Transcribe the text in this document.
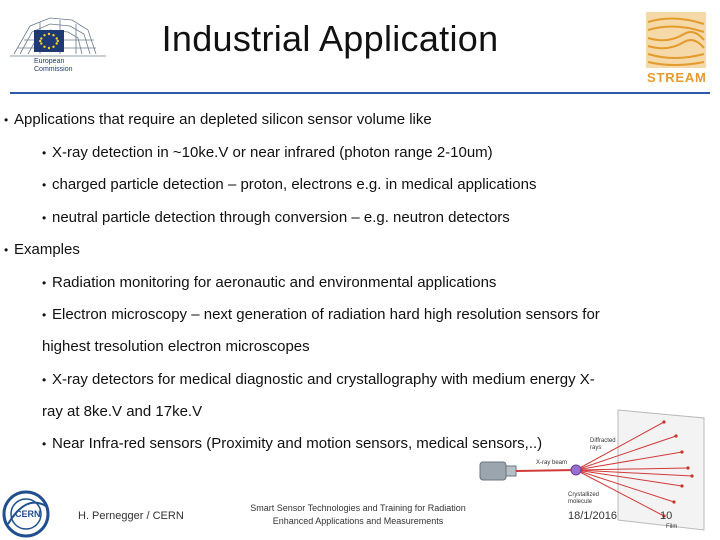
European
Commission
Industrial Application
STREAM
• Applications that require an depleted silicon sensor volume like
• X-ray detection in ~10ke.V or near infrared (photon range 2-10um)
• charged particle detection – proton, electrons e.g. in medical applications
• neutral particle detection through conversion – e.g. neutron detectors
• Examples
• Radiation monitoring for aeronautic and environmental applications
• Electron microscopy – next generation of radiation hard high resolution sensors for
highest tresolution electron microscopes
• X-ray detectors for medical diagnostic and crystallography with medium energy X-
ray at 8ke.V and 17ke.V
• Near Infra-red sensors (Proximity and motion sensors, medical sensors,..)	Diffracted
rays
X-ray beam
Crystallized
molecule
Film
CERN	H. Pernegger / CERN
Smart Sensor Technologies and Training for Radiation
Enhanced Applications and Measurements	18/1/2016	10
